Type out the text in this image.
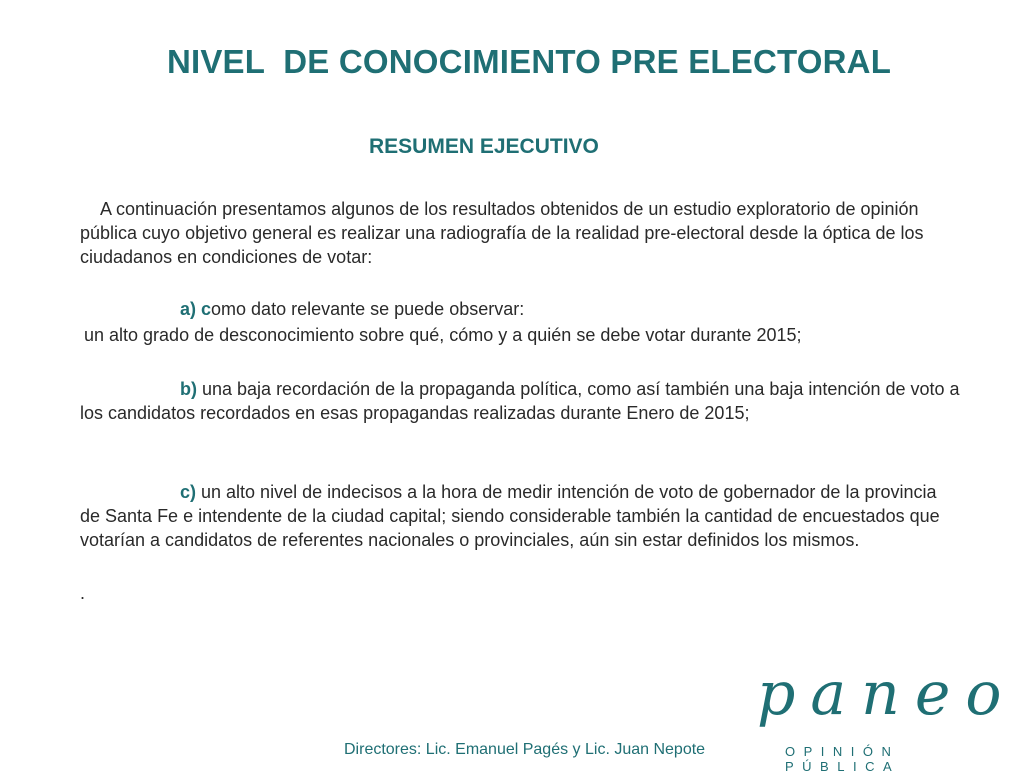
NIVEL  DE CONOCIMIENTO PRE ELECTORAL
RESUMEN EJECUTIVO
A continuación presentamos algunos de los resultados obtenidos de un estudio exploratorio de opinión pública cuyo objetivo general es realizar una radiografía de la realidad pre-electoral desde la óptica de los ciudadanos en condiciones de votar:
a) como dato relevante se puede observar:
un alto grado de desconocimiento sobre qué, cómo y a quién se debe votar durante 2015;
b) una baja recordación de la propaganda política, como así también una baja intención de voto a los candidatos recordados en esas propagandas realizadas durante Enero de 2015;
c) un alto nivel de indecisos a la hora de medir intención de voto de gobernador de la provincia de Santa Fe e intendente de la ciudad capital; siendo considerable también la cantidad de encuestados que votarían a candidatos de referentes nacionales o provinciales, aún sin estar definidos los mismos.
.
Directores: Lic. Emanuel Pagés y Lic. Juan Nepote
paneo
OPINIÓN PÚBLICA
